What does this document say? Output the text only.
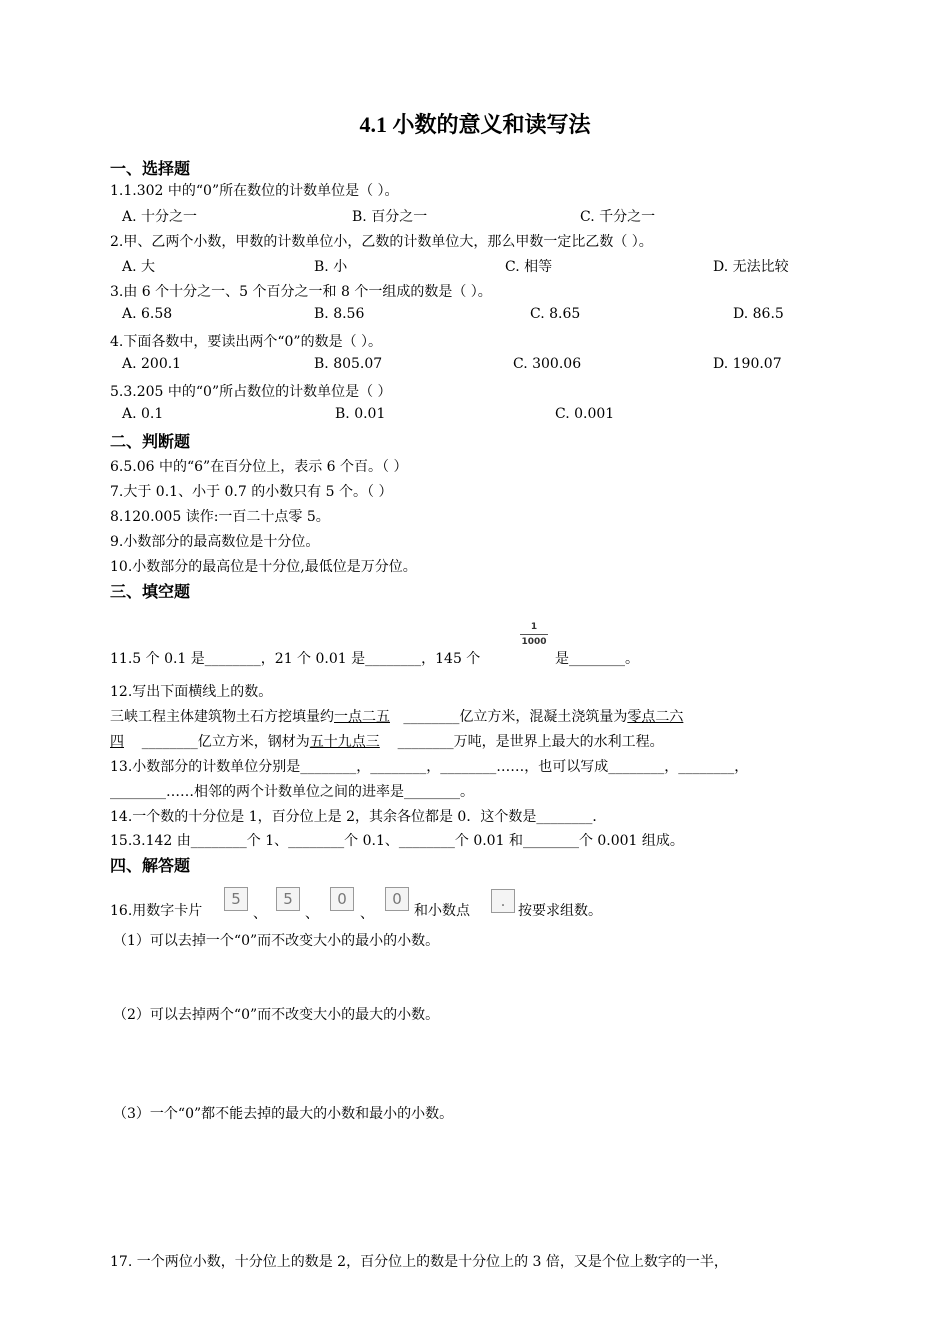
4.1 小数的意义和读写法
一、选择题
1.1.302 中的“0”所在数位的计数单位是（ ）。
A. 十分之一	B. 百分之一	C. 千分之一
2.甲、乙两个小数，甲数的计数单位小，乙数的计数单位大，那么甲数一定比乙数（ ）。
A. 大	B. 小	C. 相等	D. 无法比较
3.由 6 个十分之一、5 个百分之一和 8 个一组成的数是（ ）。
A. 6.58	B. 8.56	C. 8.65	D. 86.5
4.下面各数中，要读出两个“0”的数是（ ）。
A. 200.1	B. 805.07	C. 300.06	D. 190.07
5.3.205 中的“0”所占数位的计数单位是（ ）
A. 0.1	B. 0.01	C. 0.001
二、判断题
6.5.06 中的“6”在百分位上，表示 6 个百。（ ）
7.大于 0.1、小于 0.7 的小数只有 5 个。（ ）
8.120.005 读作:一百二十点零 5。
9.小数部分的最高数位是十分位。
10.小数部分的最高位是十分位,最低位是万分位。
三、填空题
11.5 个 0.1 是________，21 个 0.01 是________，145 个
1
1000
是________。
12.写出下面横线上的数。
三峡工程主体建筑物土石方挖填量约一点二五   ________亿立方米，混凝土浇筑量为零点二六
四    ________亿立方米，钢材为五十九点三    ________万吨，是世界上最大的水利工程。
13.小数部分的计数单位分别是________，________，________……，也可以写成________，________，
________……相邻的两个计数单位之间的进率是________。
14.一个数的十分位是 1，百分位上是 2，其余各位都是 0．这个数是________．
15.3.142 由________个 1、________个 0.1、________个 0.01 和________个 0.001 组成。
四、解答题
16.用数字卡片
5
、
5
、
0
、
0
和小数点
.
按要求组数。
（1）可以去掉一个“0”而不改变大小的最小的小数。
（2）可以去掉两个“0”而不改变大小的最大的小数。
（3）一个“0”都不能去掉的最大的小数和最小的小数。
17. 一个两位小数，十分位上的数是 2，百分位上的数是十分位上的 3 倍，又是个位上数字的一半，
